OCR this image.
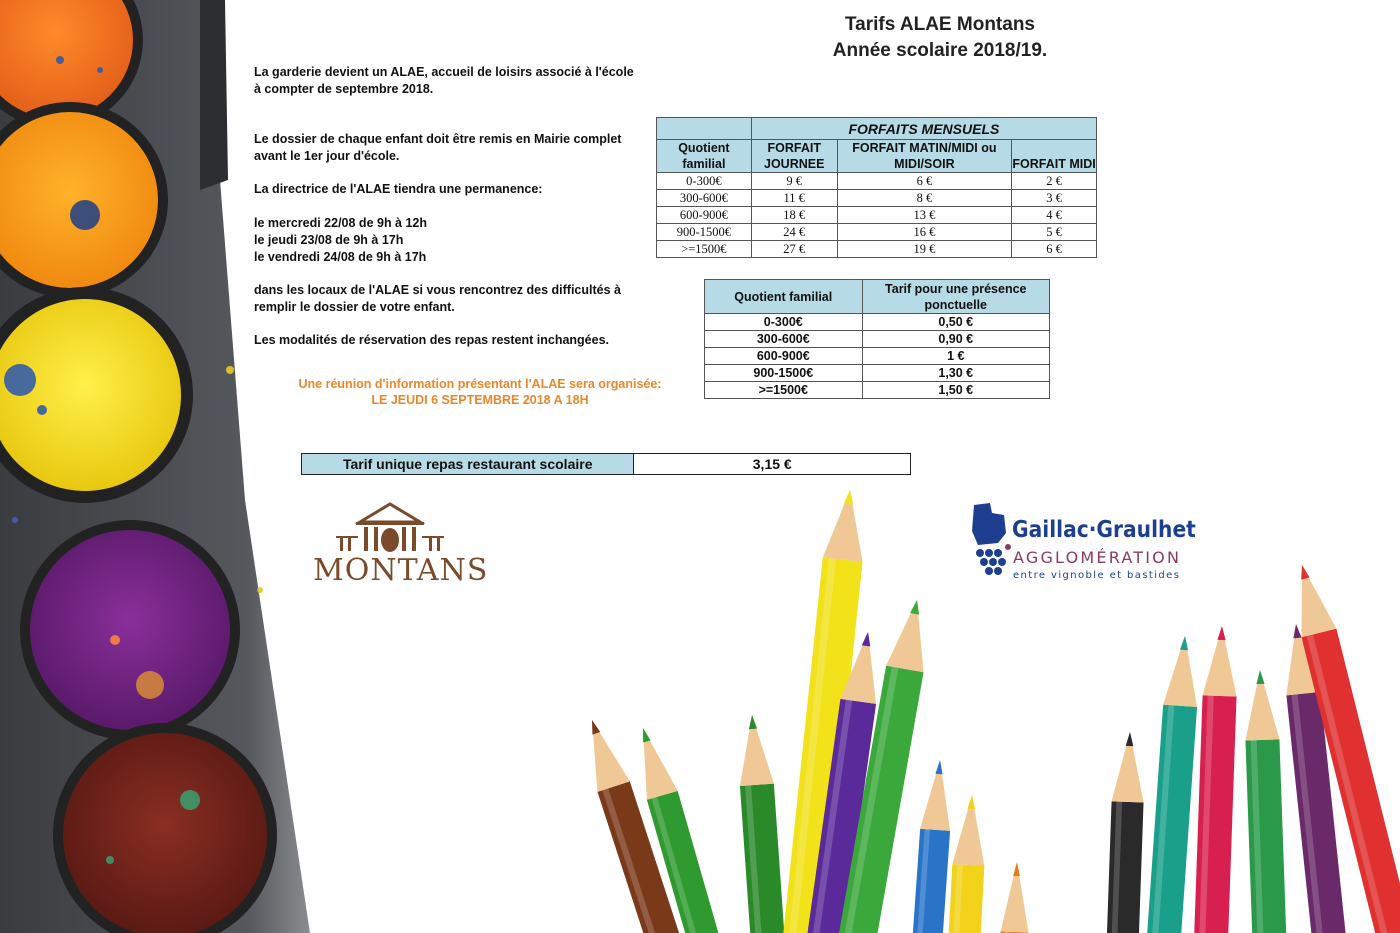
Tarifs ALAE Montans
Année scolaire 2018/19.

La garderie devient un ALAE, accueil de loisirs associé à l'école

à compter de septembre 2018.

Le dossier de chaque enfant doit être remis en Mairie complet

avant le 1er jour d'école.

La directrice de l'ALAE tiendra une permanence:

le mercredi 22/08 de 9h à 12h

le jeudi 23/08 de 9h à 17h

le vendredi 24/08 de 9h à 17h

dans les locaux de l'ALAE si vous rencontrez des difficultés à

remplir le dossier de votre enfant.

Les modalités de réservation des repas restent inchangées.

Une réunion d'information présentant l'ALAE sera organisée:
LE JEUDI 6 SEPTEMBRE 2018 A 18H
	FORFAITS MENSUELS		
Quotient familial	FORFAIT JOURNEE	FORFAIT MATIN/MIDI ou MIDI/SOIR	FORFAIT MIDI
0-300€	9 €	6 €	2 €
300-600€	11 €	8 €	3 €
600-900€	18 €	13 €	4 €
900-1500€	24 €	16 €	5 €
>=1500€	27 €	19 €	6 €
Quotient familial	Tarif pour une présence ponctuelle
0-300€	0,50 €
300-600€	0,90 €
600-900€	1 €
900-1500€	1,30 €
>=1500€	1,50 €
Tarif unique repas restaurant scolaire	3,15 €
MONTANS
Gaillac·Graulhet
AGGLOMÉRATION
entre vignoble et bastides
